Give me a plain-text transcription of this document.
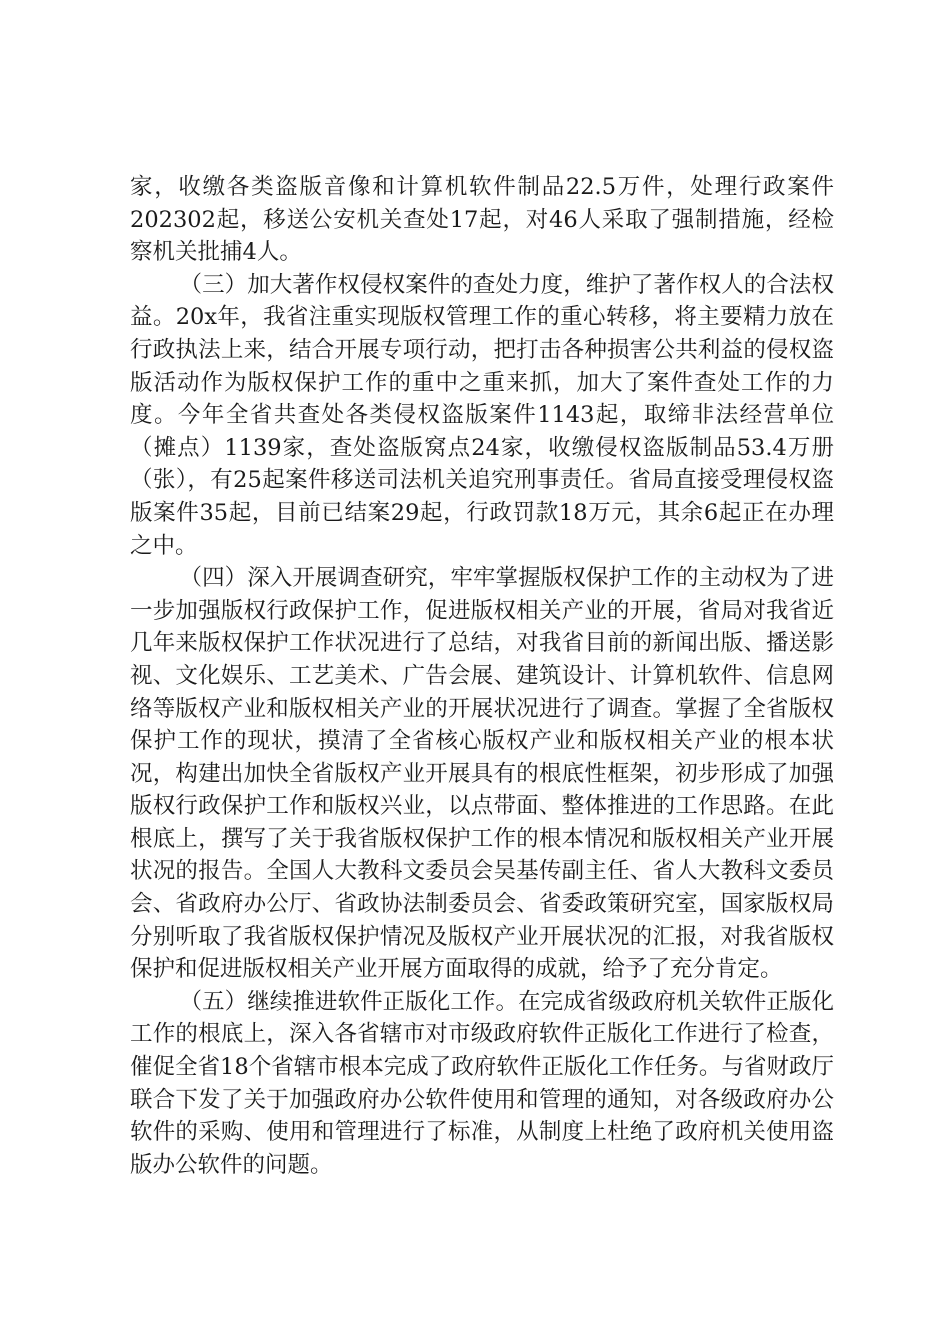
家，收缴各类盗版音像和计算机软件制品22.5万件，处理行政案件202302起，移送公安机关查处17起，对46人采取了强制措施，经检察机关批捕4人。

（三）加大著作权侵权案件的查处力度，维护了著作权人的合法权益。20x年，我省注重实现版权管理工作的重心转移，将主要精力放在行政执法上来，结合开展专项行动，把打击各种损害公共利益的侵权盗版活动作为版权保护工作的重中之重来抓，加大了案件查处工作的力度。今年全省共查处各类侵权盗版案件1143起，取缔非法经营单位（摊点）1139家，查处盗版窝点24家，收缴侵权盗版制品53.4万册（张），有25起案件移送司法机关追究刑事责任。省局直接受理侵权盗版案件35起，目前已结案29起，行政罚款18万元，其余6起正在办理之中。

（四）深入开展调查研究，牢牢掌握版权保护工作的主动权为了进一步加强版权行政保护工作，促进版权相关产业的开展，省局对我省近几年来版权保护工作状况进行了总结，对我省目前的新闻出版、播送影视、文化娱乐、工艺美术、广告会展、建筑设计、计算机软件、信息网络等版权产业和版权相关产业的开展状况进行了调查。掌握了全省版权保护工作的现状，摸清了全省核心版权产业和版权相关产业的根本状况，构建出加快全省版权产业开展具有的根底性框架，初步形成了加强版权行政保护工作和版权兴业，以点带面、整体推进的工作思路。在此根底上，撰写了关于我省版权保护工作的根本情况和版权相关产业开展状况的报告。全国人大教科文委员会吴基传副主任、省人大教科文委员会、省政府办公厅、省政协法制委员会、省委政策研究室，国家版权局分别听取了我省版权保护情况及版权产业开展状况的汇报，对我省版权保护和促进版权相关产业开展方面取得的成就，给予了充分肯定。

（五）继续推进软件正版化工作。在完成省级政府机关软件正版化工作的根底上，深入各省辖市对市级政府软件正版化工作进行了检查，催促全省18个省辖市根本完成了政府软件正版化工作任务。与省财政厅联合下发了关于加强政府办公软件使用和管理的通知，对各级政府办公软件的采购、使用和管理进行了标准，从制度上杜绝了政府机关使用盗版办公软件的问题。
